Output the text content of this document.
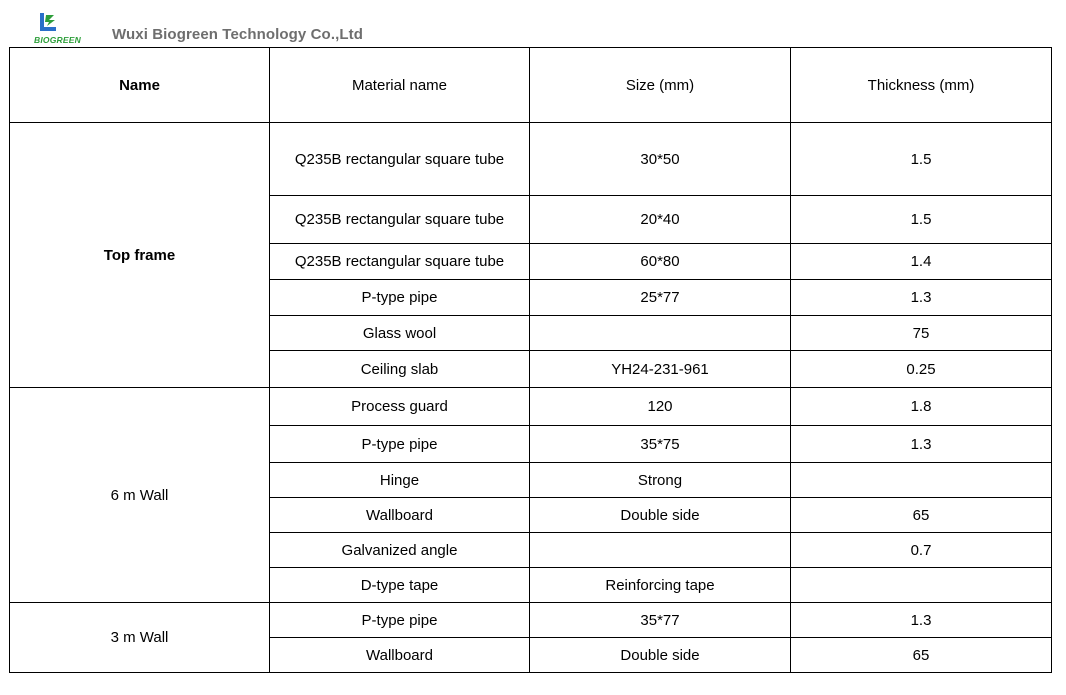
BIOGREEN	Wuxi Biogreen Technology Co.,Ltd
Name	Material name	Size (mm)	Thickness (mm)
Top frame	Q235B rectangular square tube	30*50	1.5
	Q235B rectangular square tube	20*40	1.5
	Q235B rectangular square tube	60*80	1.4
	P-type pipe	25*77	1.3
	Glass wool		75
	Ceiling slab	YH24-231-961	0.25
6 m Wall	Process guard	120	1.8
	P-type pipe	35*75	1.3
	Hinge	Strong	
	Wallboard	Double side	65
	Galvanized angle		0.7
	D-type tape	Reinforcing tape	
3 m Wall	P-type pipe	35*77	1.3
	Wallboard	Double side	65
